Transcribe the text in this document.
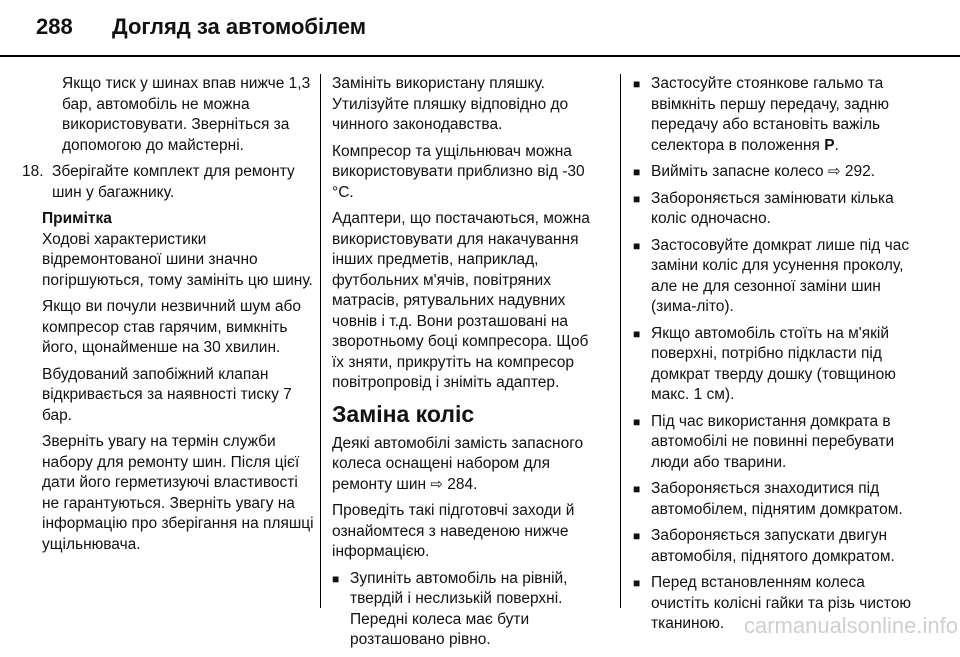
288 Догляд за автомобілем
Якщо тиск у шинах впав нижче 1,3 бар, автомобіль не можна використовувати. Зверніться за допомогою до майстерні.
18. Зберігайте комплект для ремонту шин у багажнику.
Примітка
Ходові характеристики відремонтованої шини значно погіршуються, тому замініть цю шину.
Якщо ви почули незвичний шум або компресор став гарячим, вимкніть його, щонайменше на 30 хвилин.
Вбудований запобіжний клапан відкривається за наявності тиску 7 бар.
Зверніть увагу на термін служби набору для ремонту шин. Після цієї дати його герметизуючі властивості не гарантуються. Зверніть увагу на інформацію про зберігання на пляшці ущільнювача.
Замініть використану пляшку. Утилізуйте пляшку відповідно до чинного законодавства.
Компресор та ущільнювач можна використовувати приблизно від -30 °C.
Адаптери, що постачаються, можна використовувати для накачування інших предметів, наприклад, футбольних м'ячів, повітряних матрасів, рятувальних надувних човнів і т.д. Вони розташовані на зворотньому боці компресора. Щоб їх зняти, прикрутіть на компресор повітропровід і зніміть адаптер.
Заміна коліс
Деякі автомобілі замість запасного колеса оснащені набором для ремонту шин ⇨ 284.
Проведіть такі підготовчі заходи й ознайомтеся з наведеною нижче інформацією.
■ Зупиніть автомобіль на рівній, твердій і неслизькій поверхні. Передні колеса має бути розташовано рівно.
■ Застосуйте стоянкове гальмо та ввімкніть першу передачу, задню передачу або встановіть важіль селектора в положення P.
■ Вийміть запасне колесо ⇨ 292.
■ Забороняється замінювати кілька коліс одночасно.
■ Застосовуйте домкрат лише під час заміни коліс для усунення проколу, але не для сезонної заміни шин (зима-літо).
■ Якщо автомобіль стоїть на м'якій поверхні, потрібно підкласти під домкрат тверду дошку (товщиною макс. 1 см).
■ Під час використання домкрата в автомобілі не повинні перебувати люди або тварини.
■ Забороняється знаходитися під автомобілем, піднятим домкратом.
■ Забороняється запускати двигун автомобіля, піднятого домкратом.
■ Перед встановленням колеса очистіть колісні гайки та різь чистою тканиною. carmanualsonline.info
